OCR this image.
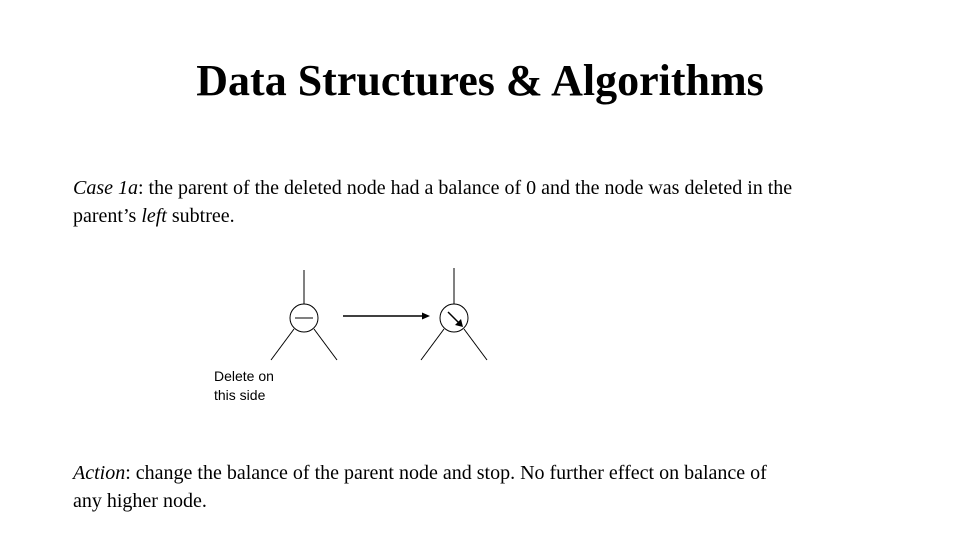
Data Structures & Algorithms

Case 1a: the parent of the deleted node had a balance of 0 and the node was deleted in the parent’s left subtree.

Delete on
this side

Action: change the balance of the parent node and stop. No further effect on balance of any higher node.
